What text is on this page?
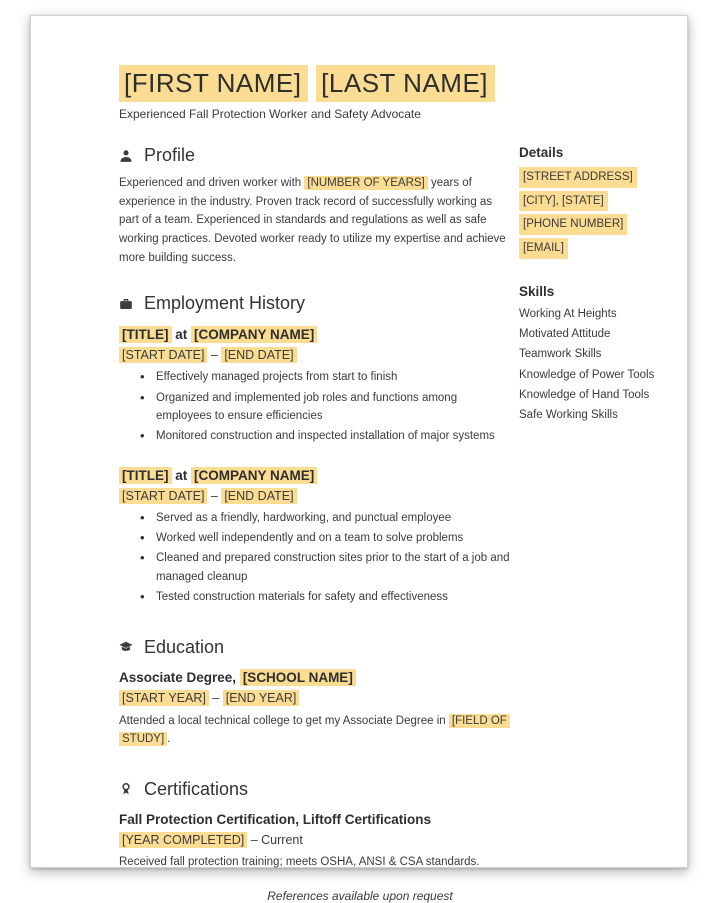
[FIRST NAME] [LAST NAME]
Experienced Fall Protection Worker and Safety Advocate
Profile
Experienced and driven worker with [NUMBER OF YEARS] years of experience in the industry. Proven track record of successfully working as part of a team. Experienced in standards and regulations as well as safe working practices. Devoted worker ready to utilize my expertise and achieve more building success.
Employment History
[TITLE] at [COMPANY NAME]
[START DATE] – [END DATE]
• Effectively managed projects from start to finish
• Organized and implemented job roles and functions among employees to ensure efficiencies
• Monitored construction and inspected installation of major systems
[TITLE] at [COMPANY NAME]
[START DATE] – [END DATE]
• Served as a friendly, hardworking, and punctual employee
• Worked well independently and on a team to solve problems
• Cleaned and prepared construction sites prior to the start of a job and managed cleanup
• Tested construction materials for safety and effectiveness
Education
Associate Degree, [SCHOOL NAME]
[START YEAR] – [END YEAR]
Attended a local technical college to get my Associate Degree in [FIELD OF STUDY] .
Certifications
Fall Protection Certification, Liftoff Certifications
[YEAR COMPLETED] – Current
Received fall protection training; meets OSHA, ANSI & CSA standards.
References available upon request
Details
[STREET ADDRESS]
[CITY], [STATE]
[PHONE NUMBER]
[EMAIL]
Skills
Working At Heights
Motivated Attitude
Teamwork Skills
Knowledge of Power Tools
Knowledge of Hand Tools
Safe Working Skills
